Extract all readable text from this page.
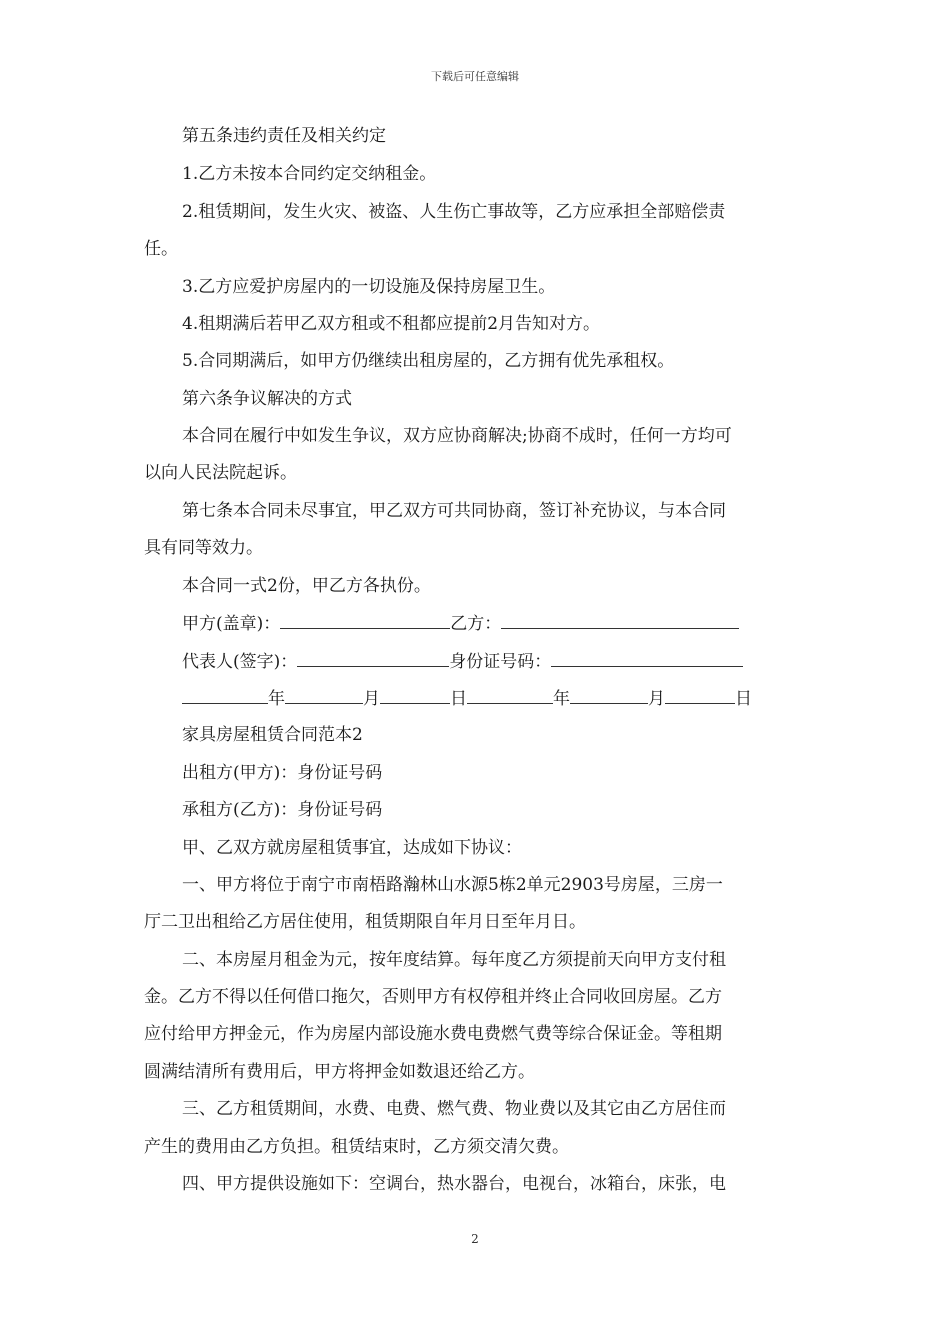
下载后可任意编辑
第五条违约责任及相关约定
1.乙方未按本合同约定交纳租金。
2.租赁期间，发生火灾、被盗、人生伤亡事故等，乙方应承担全部赔偿责
任。
3.乙方应爱护房屋内的一切设施及保持房屋卫生。
4.租期满后若甲乙双方租或不租都应提前2月告知对方。
5.合同期满后，如甲方仍继续出租房屋的，乙方拥有优先承租权。
第六条争议解决的方式
本合同在履行中如发生争议，双方应协商解决;协商不成时，任何一方均可
以向人民法院起诉。
第七条本合同未尽事宜，甲乙双方可共同协商，签订补充协议，与本合同
具有同等效力。
本合同一式2份，甲乙方各执份。
甲方(盖章)：	乙方：
代表人(签字)：	身份证号码：
年	月	日	年	月	日
家具房屋租赁合同范本2
出租方(甲方)：身份证号码
承租方(乙方)：身份证号码
甲、乙双方就房屋租赁事宜，达成如下协议：
一、甲方将位于南宁市南梧路瀚林山水源5栋2单元2903号房屋，三房一
厅二卫出租给乙方居住使用，租赁期限自年月日至年月日。
二、本房屋月租金为元，按年度结算。每年度乙方须提前天向甲方支付租
金。乙方不得以任何借口拖欠，否则甲方有权停租并终止合同收回房屋。乙方
应付给甲方押金元，作为房屋内部设施水费电费燃气费等综合保证金。等租期
圆满结清所有费用后，甲方将押金如数退还给乙方。
三、乙方租赁期间，水费、电费、燃气费、物业费以及其它由乙方居住而
产生的费用由乙方负担。租赁结束时，乙方须交清欠费。
四、甲方提供设施如下：空调台，热水器台，电视台，冰箱台，床张，电
2
